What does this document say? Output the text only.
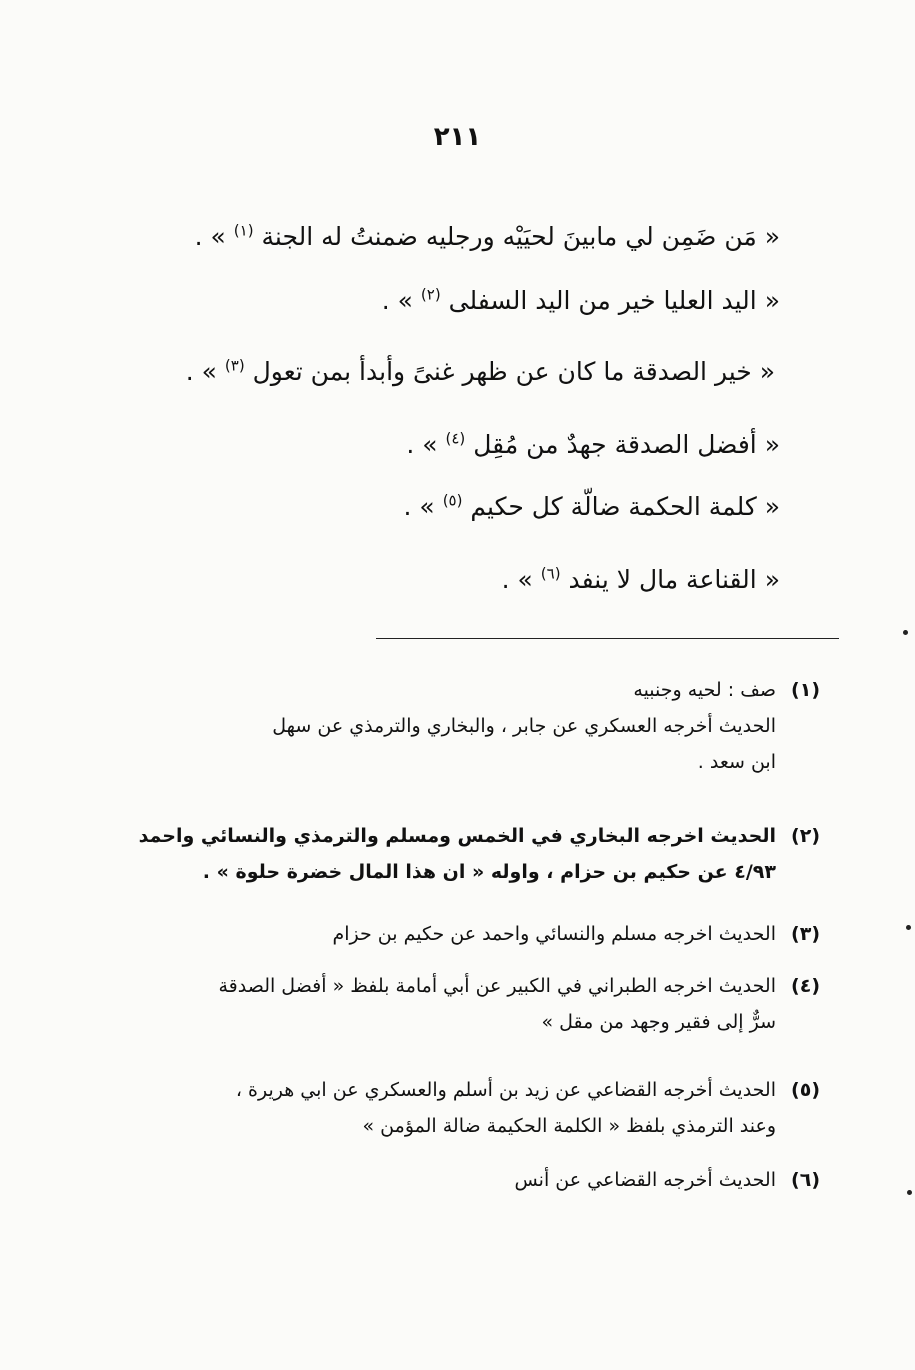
٢١١
« مَن ضَمِن لي مابينَ لحيَيْه ورجليه ضمنتُ له الجنة $^{(١)}$ » .
« اليد العليا خير من اليد السفلى $^{(٢)}$ » .
« خير الصدقة ما كان عن ظهر غنىً وأبدأ بمن تعول $^{(٣)}$ » .
« أفضل الصدقة جهدٌ من مُقِل $^{(٤)}$ » .
« كلمة الحكمة ضالّة كل حكيم $^{(٥)}$ » .
« القناعة مال لا ينفد $^{(٦)}$ » .
(١)صف : لحيه وجنبيه
الحديث أخرجه العسكري عن جابر ، والبخاري والترمذي عن سهل
ابن سعد .
(٢)الحديث اخرجه البخاري في الخمس ومسلم والترمذي والنسائي واحمد
٤/٩٣ عن حكيم بن حزام ، واوله « ان هذا المال خضرة حلوة » .
(٣)الحديث اخرجه مسلم والنسائي واحمد عن حكيم بن حزام
(٤)الحديث اخرجه الطبراني في الكبير عن أبي أمامة بلفظ « أفضل الصدقة
سرٌّ إلى فقير وجهد من مقل »
(٥)الحديث أخرجه القضاعي عن زيد بن أسلم والعسكري عن ابي هريرة ،
وعند الترمذي بلفظ « الكلمة الحكيمة ضالة المؤمن »
(٦)الحديث أخرجه القضاعي عن أنس
